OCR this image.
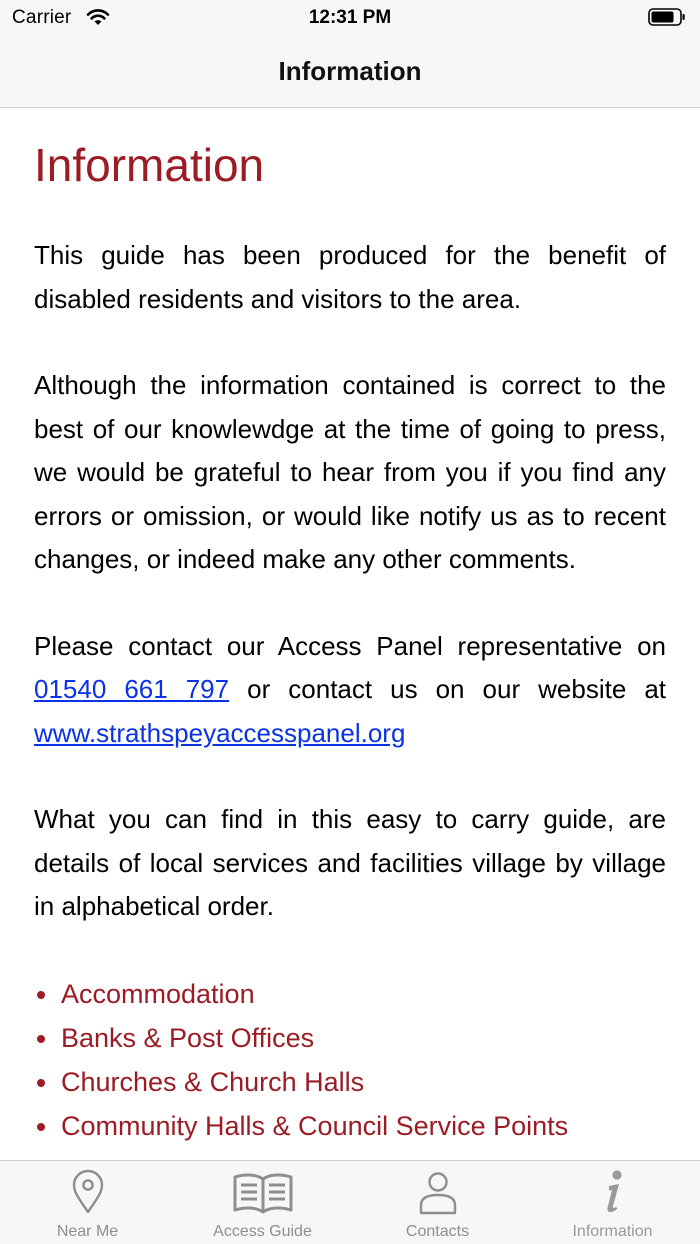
Carrier	12:31 PM
Information
Information

This guide has been produced for the benefit of disabled residents and visitors to the area.

Although the information contained is correct to the best of our knowlewdge at the time of going to press, we would be grateful to hear from you if you find any errors or omission, or would like notify us as to recent changes, or indeed make any other comments.

Please contact our Access Panel representative on 01540 661 797 or contact us on our website at www.strathspeyaccesspanel.org

What you can find in this easy to carry guide, are details of local services and facilities village by village in alphabetical order.

Accommodation
Banks & Post Offices
Churches & Church Halls
Community Halls & Council Service Points
Near Me	Access Guide	Contacts	Information
